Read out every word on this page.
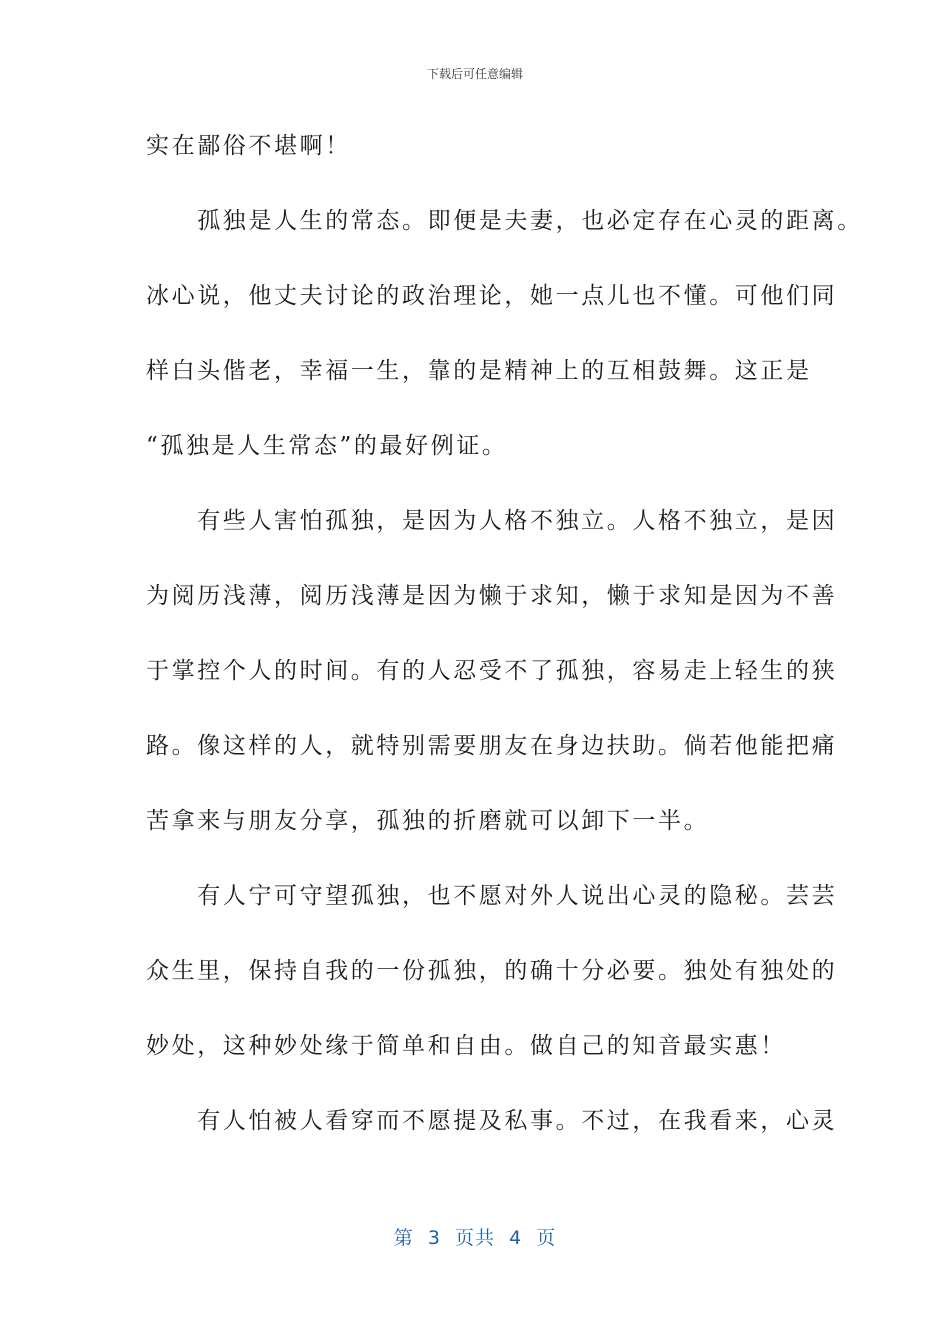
下载后可任意编辑
实在鄙俗不堪啊！
　　孤独是人生的常态。即便是夫妻，也必定存在心灵的距离。
冰心说，他丈夫讨论的政治理论，她一点儿也不懂。可他们同
样白头偕老，幸福一生，靠的是精神上的互相鼓舞。这正是
“孤独是人生常态”的最好例证。
　　有些人害怕孤独，是因为人格不独立。人格不独立，是因
为阅历浅薄，阅历浅薄是因为懒于求知，懒于求知是因为不善
于掌控个人的时间。有的人忍受不了孤独，容易走上轻生的狭
路。像这样的人，就特别需要朋友在身边扶助。倘若他能把痛
苦拿来与朋友分享，孤独的折磨就可以卸下一半。
　　有人宁可守望孤独，也不愿对外人说出心灵的隐秘。芸芸
众生里，保持自我的一份孤独，的确十分必要。独处有独处的
妙处，这种妙处缘于简单和自由。做自己的知音最实惠！
　　有人怕被人看穿而不愿提及私事。不过，在我看来，心灵
第  3  页共  4  页
